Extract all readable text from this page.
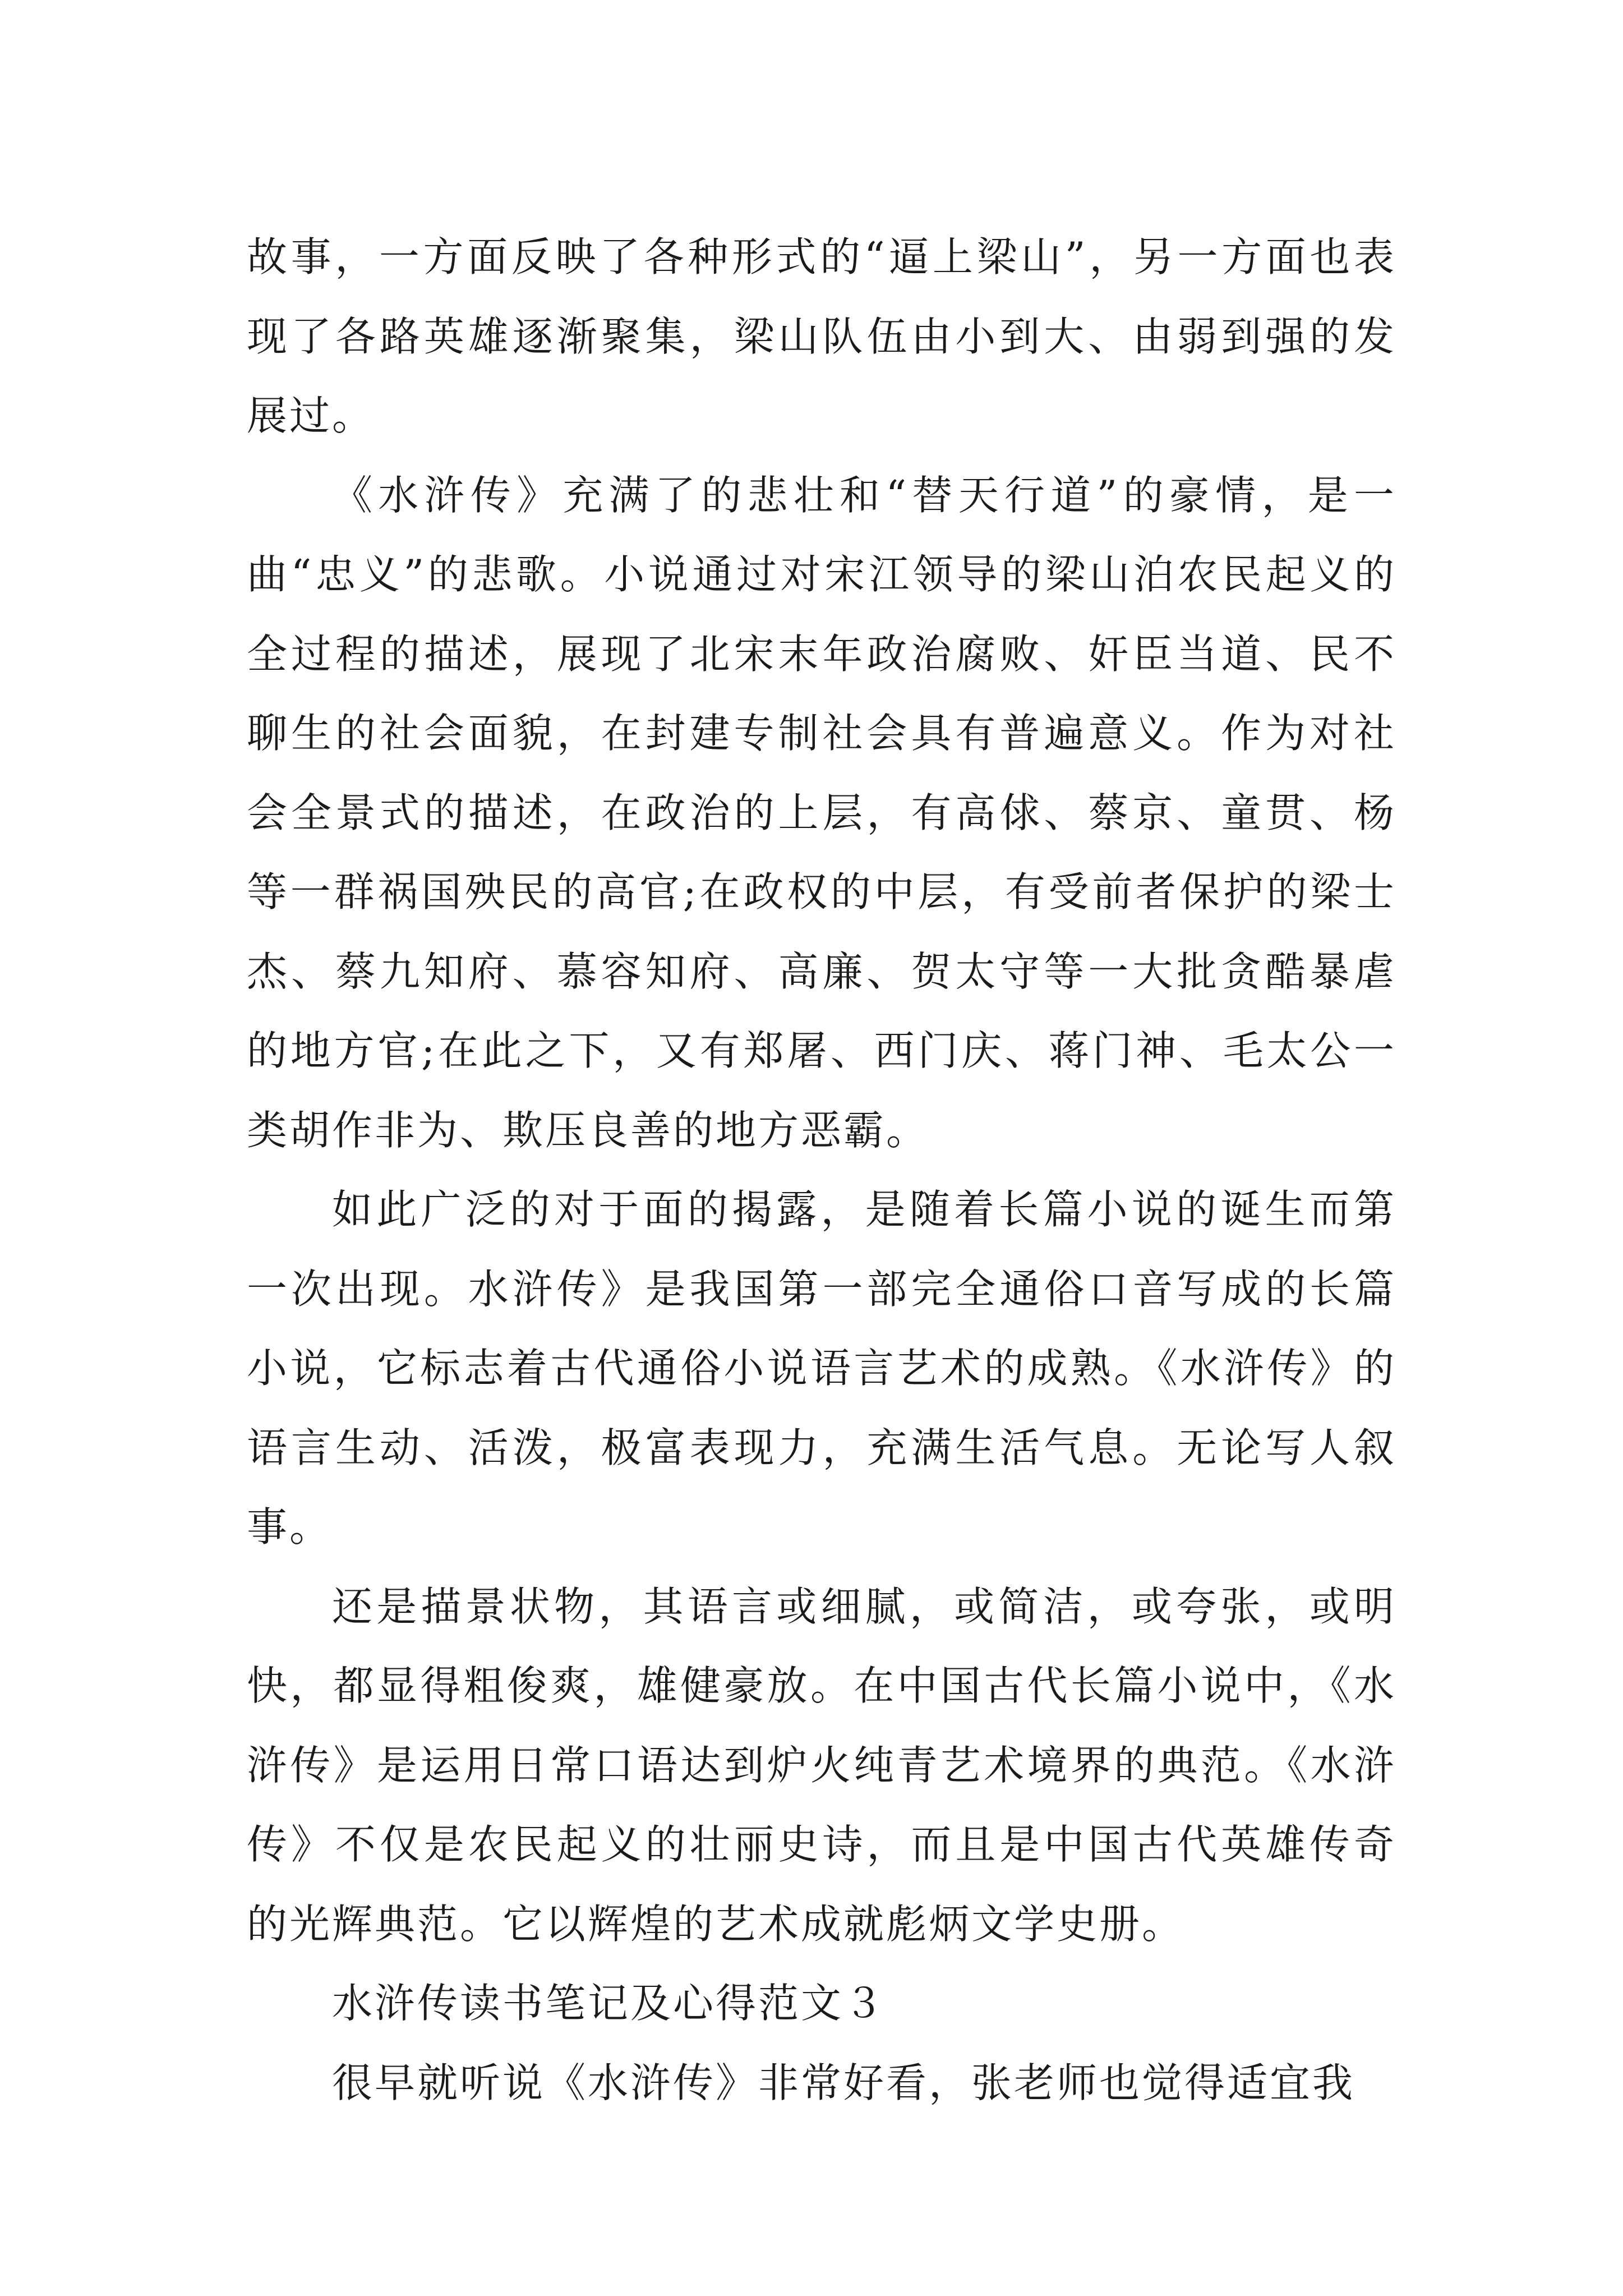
故事，一方面反映了各种形式的“逼上梁山”，另一方面也表现了各路英雄逐渐聚集，梁山队伍由小到大、由弱到强的发展过。

《水浒传》充满了的悲壮和“替天行道”的豪情，是一曲“忠义”的悲歌。小说通过对宋江领导的梁山泊农民起义的全过程的描述，展现了北宋末年政治腐败、奸臣当道、民不聊生的社会面貌，在封建专制社会具有普遍意义。作为对社会全景式的描述，在政治的上层，有高俅、蔡京、童贯、杨等一群祸国殃民的高官;在政权的中层，有受前者保护的梁士杰、蔡九知府、慕容知府、高廉、贺太守等一大批贪酷暴虐的地方官;在此之下，又有郑屠、西门庆、蒋门神、毛太公一类胡作非为、欺压良善的地方恶霸。

如此广泛的对于面的揭露，是随着长篇小说的诞生而第一次出现。水浒传》是我国第一部完全通俗口音写成的长篇小说，它标志着古代通俗小说语言艺术的成熟。《水浒传》的语言生动、活泼，极富表现力，充满生活气息。无论写人叙事。

还是描景状物，其语言或细腻，或简洁，或夸张，或明快，都显得粗俊爽，雄健豪放。在中国古代长篇小说中，《水浒传》是运用日常口语达到炉火纯青艺术境界的典范。《水浒传》不仅是农民起义的壮丽史诗，而且是中国古代英雄传奇的光辉典范。它以辉煌的艺术成就彪炳文学史册。

水浒传读书笔记及心得范文３

很早就听说《水浒传》非常好看，张老师也觉得适宜我
